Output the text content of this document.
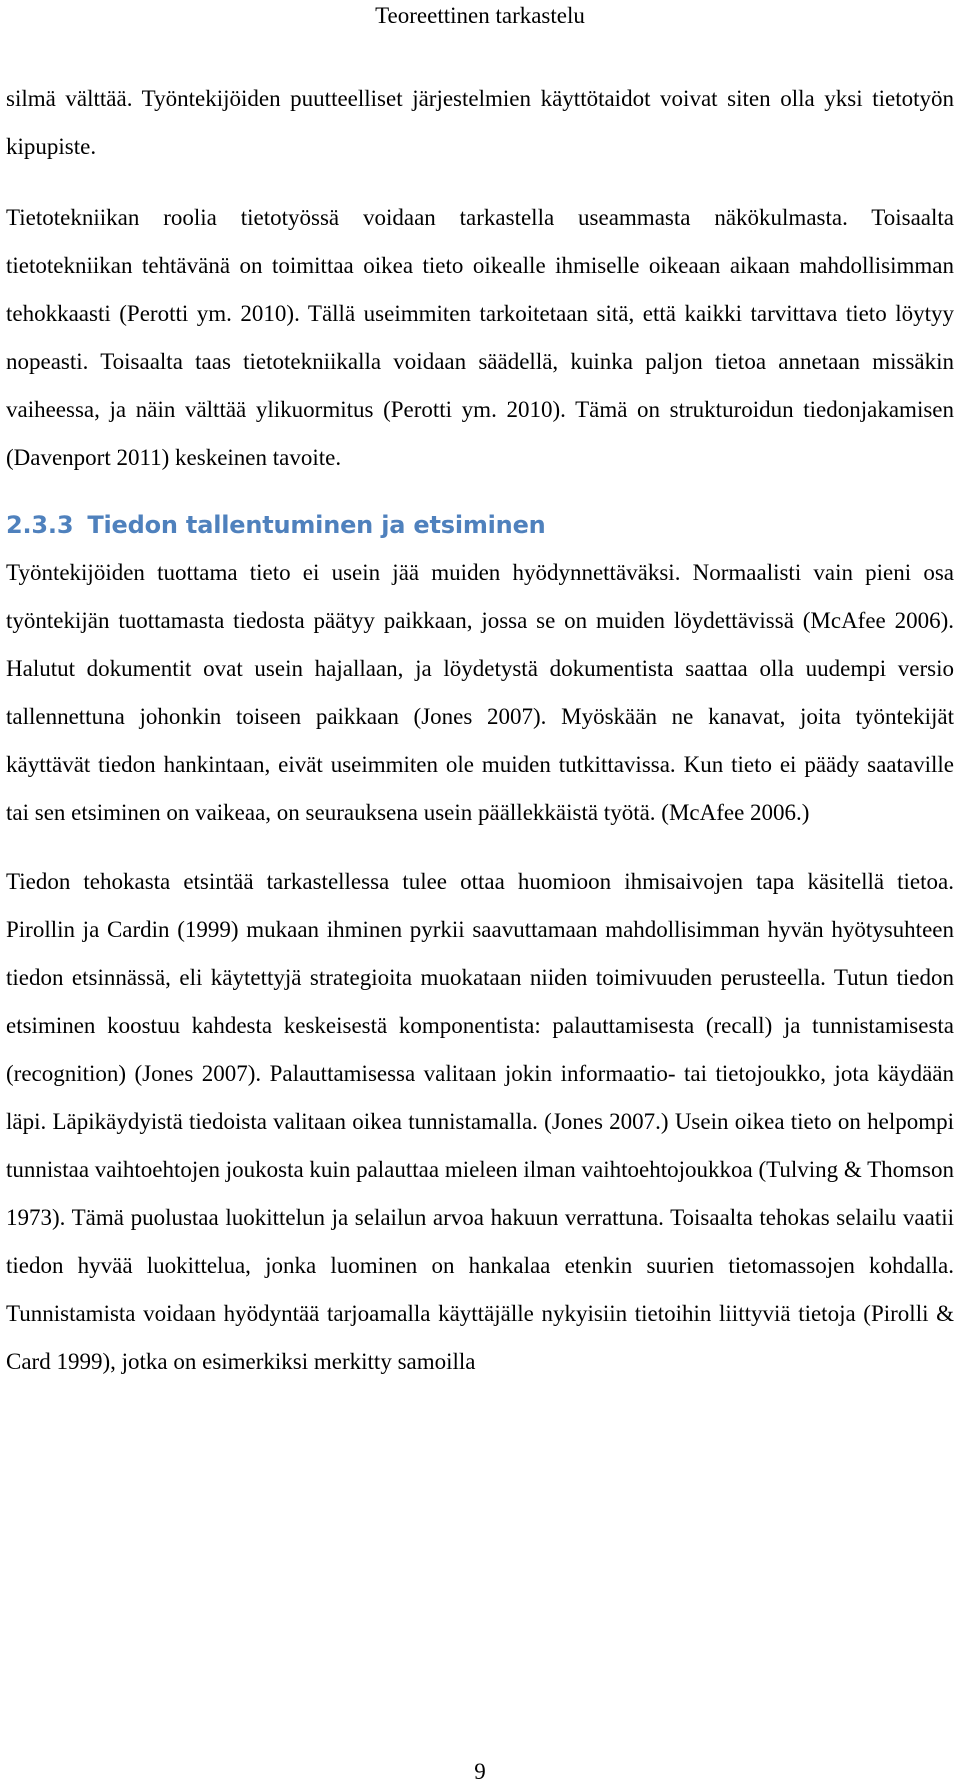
Teoreettinen tarkastelu

silmä välttää. Työntekijöiden puutteelliset järjestelmien käyttötaidot voivat siten olla yksi tietotyön kipupiste.

Tietotekniikan roolia tietotyössä voidaan tarkastella useammasta näkökulmasta. Toisaalta tietotekniikan tehtävänä on toimittaa oikea tieto oikealle ihmiselle oikeaan aikaan mahdollisimman tehokkaasti (Perotti ym. 2010). Tällä useimmiten tarkoitetaan sitä, että kaikki tarvittava tieto löytyy nopeasti. Toisaalta taas tietotekniikalla voidaan säädellä, kuinka paljon tietoa annetaan missäkin vaiheessa, ja näin välttää ylikuormitus (Perotti ym. 2010). Tämä on strukturoidun tiedonjakamisen (Davenport 2011) keskeinen tavoite.

2.3.3 Tiedon tallentuminen ja etsiminen

Työntekijöiden tuottama tieto ei usein jää muiden hyödynnettäväksi. Normaalisti vain pieni osa työntekijän tuottamasta tiedosta päätyy paikkaan, jossa se on muiden löydettävissä (McAfee 2006). Halutut dokumentit ovat usein hajallaan, ja löydetystä dokumentista saattaa olla uudempi versio tallennettuna johonkin toiseen paikkaan (Jones 2007). Myöskään ne kanavat, joita työntekijät käyttävät tiedon hankintaan, eivät useimmiten ole muiden tutkittavissa. Kun tieto ei päädy saataville tai sen etsiminen on vaikeaa, on seurauksena usein päällekkäistä työtä. (McAfee 2006.)

Tiedon tehokasta etsintää tarkastellessa tulee ottaa huomioon ihmisaivojen tapa käsitellä tietoa. Pirollin ja Cardin (1999) mukaan ihminen pyrkii saavuttamaan mahdollisimman hyvän hyötysuhteen tiedon etsinnässä, eli käytettyjä strategioita muokataan niiden toimivuuden perusteella. Tutun tiedon etsiminen koostuu kahdesta keskeisestä komponentista: palauttamisesta (recall) ja tunnistamisesta (recognition) (Jones 2007). Palauttamisessa valitaan jokin informaatio- tai tietojoukko, jota käydään läpi. Läpikäydyistä tiedoista valitaan oikea tunnistamalla. (Jones 2007.) Usein oikea tieto on helpompi tunnistaa vaihtoehtojen joukosta kuin palauttaa mieleen ilman vaihtoehtojoukkoa (Tulving & Thomson 1973). Tämä puolustaa luokittelun ja selailun arvoa hakuun verrattuna. Toisaalta tehokas selailu vaatii tiedon hyvää luokittelua, jonka luominen on hankalaa etenkin suurien tietomassojen kohdalla. Tunnistamista voidaan hyödyntää tarjoamalla käyttäjälle nykyisiin tietoihin liittyviä tietoja (Pirolli & Card 1999), jotka on esimerkiksi merkitty samoilla

9
